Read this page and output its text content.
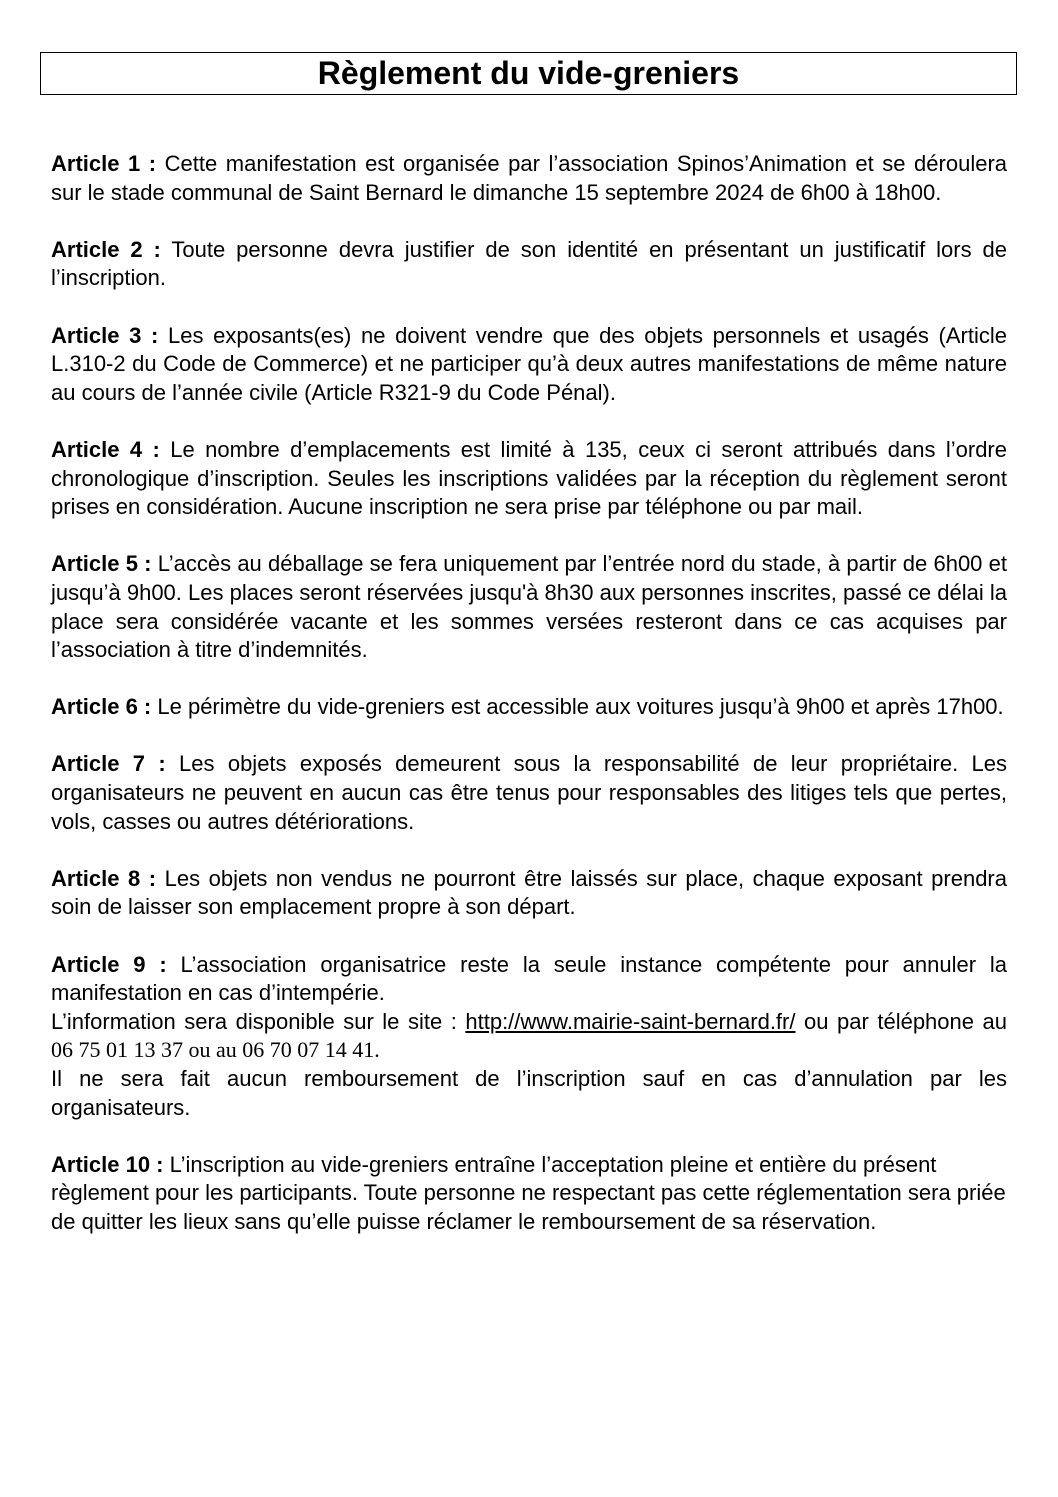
Règlement du vide-greniers

Article 1 : Cette manifestation est organisée par l’association Spinos’Animation et se déroulera sur le stade communal de Saint Bernard le dimanche 15 septembre 2024 de 6h00 à 18h00.

Article 2 : Toute personne devra justifier de son identité en présentant un justificatif lors de l’inscription.

Article 3 : Les exposants(es) ne doivent vendre que des objets personnels et usagés (Article L.310-2 du Code de Commerce) et ne participer qu’à deux autres manifestations de même nature au cours de l’année civile (Article R321-9 du Code Pénal).

Article 4 : Le nombre d’emplacements est limité à 135, ceux ci seront attribués dans l’ordre chronologique d’inscription. Seules les inscriptions validées par la réception du règlement seront prises en considération. Aucune inscription ne sera prise par téléphone ou par mail.

Article 5 : L’accès au déballage se fera uniquement par l’entrée nord du stade, à partir de 6h00 et jusqu’à 9h00. Les places seront réservées jusqu'à 8h30 aux personnes inscrites, passé ce délai la place sera considérée vacante et les sommes versées resteront dans ce cas acquises par l’association à titre d’indemnités.

Article 6 : Le périmètre du vide-greniers est accessible aux voitures jusqu’à 9h00 et après 17h00.

Article 7 : Les objets exposés demeurent sous la responsabilité de leur propriétaire. Les organisateurs ne peuvent en aucun cas être tenus pour responsables des litiges tels que pertes, vols, casses ou autres détériorations.

Article 8 : Les objets non vendus ne pourront être laissés sur place, chaque exposant prendra soin de laisser son emplacement propre à son départ.

Article 9 : L’association organisatrice reste la seule instance compétente pour annuler la manifestation en cas d’intempérie.

L’information sera disponible sur le site : http://www.mairie-saint-bernard.fr/ ou par téléphone au 06 75 01 13 37 ou au 06 70 07 14 41.

Il ne sera fait aucun remboursement de l’inscription sauf en cas d’annulation par les organisateurs.

Article 10 : L’inscription au vide-greniers entraîne l’acceptation pleine et entière du présent règlement pour les participants. Toute personne ne respectant pas cette réglementation sera priée de quitter les lieux sans qu’elle puisse réclamer le remboursement de sa réservation.
